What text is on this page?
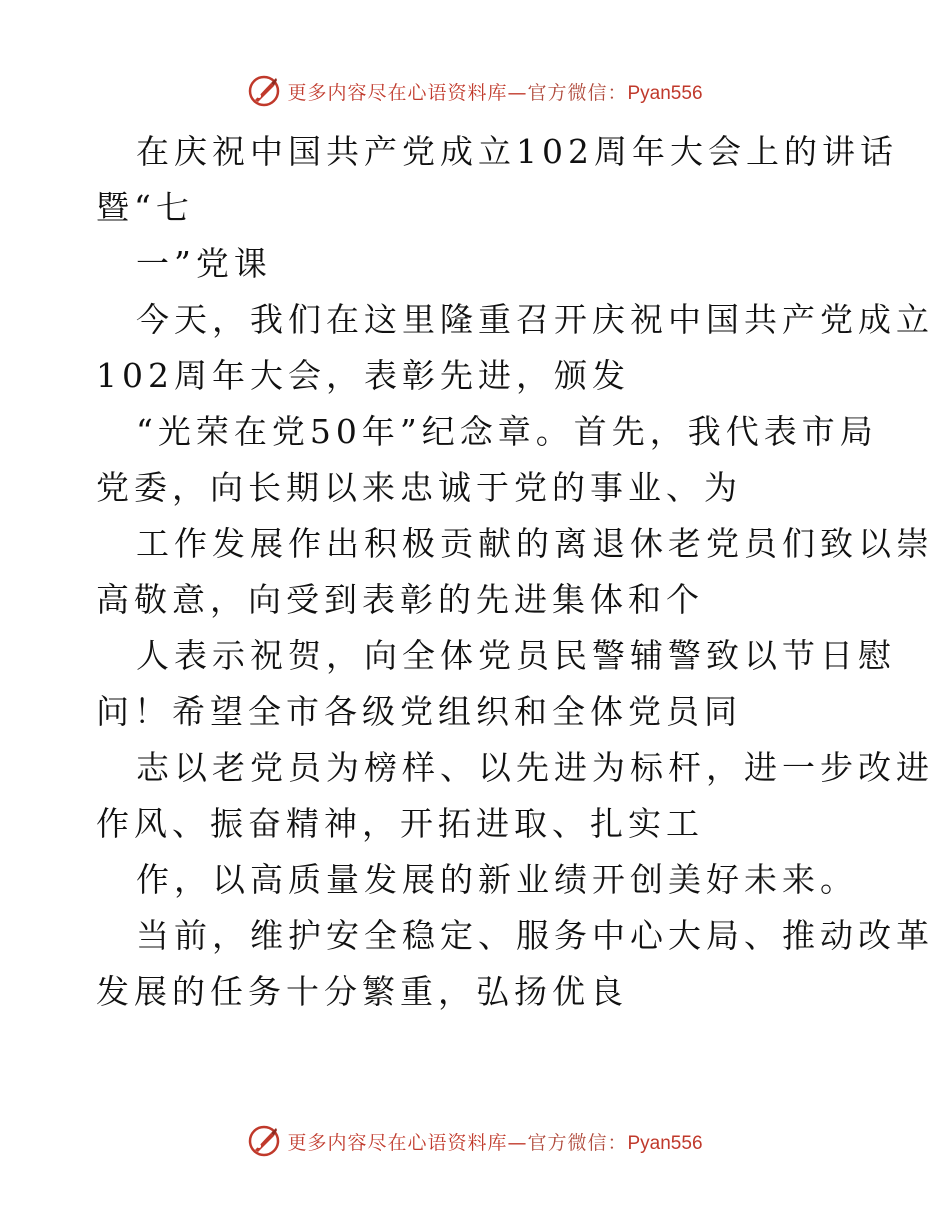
更多内容尽在心语资料库—官方微信：Pyan556
在庆祝中国共产党成立102周年大会上的讲话
暨“七
一”党课
今天，我们在这里隆重召开庆祝中国共产党成立
102周年大会，表彰先进，颁发
“光荣在党50年”纪念章。首先，我代表市局
党委，向长期以来忠诚于党的事业、为
工作发展作出积极贡献的离退休老党员们致以崇
高敬意，向受到表彰的先进集体和个
人表示祝贺，向全体党员民警辅警致以节日慰
问！希望全市各级党组织和全体党员同
志以老党员为榜样、以先进为标杆，进一步改进
作风、振奋精神，开拓进取、扎实工
作，以高质量发展的新业绩开创美好未来。
当前，维护安全稳定、服务中心大局、推动改革
发展的任务十分繁重，弘扬优良
更多内容尽在心语资料库—官方微信：Pyan556
